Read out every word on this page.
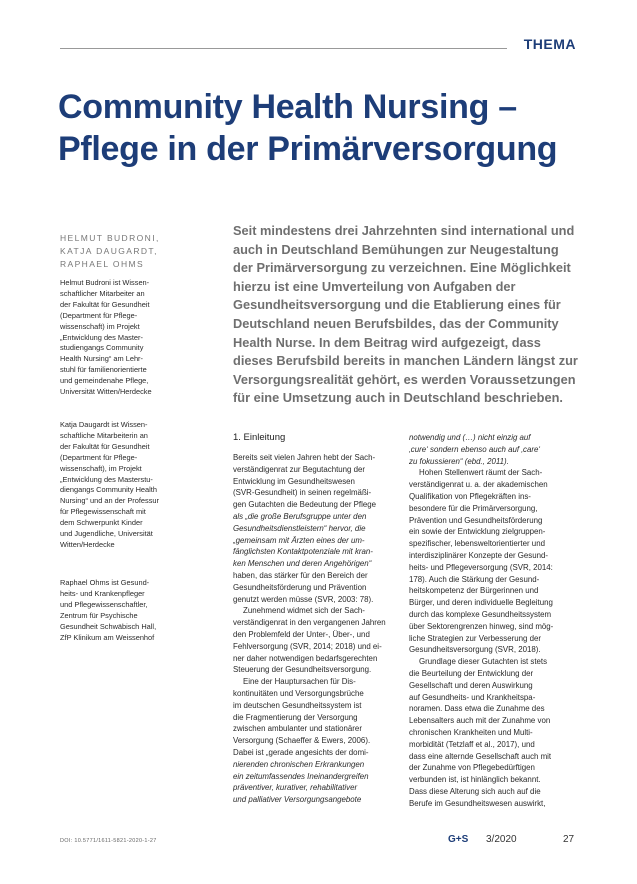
THEMA
Community Health Nursing –
Pflege in der Primärversorgung
HELMUT BUDRONI,
KATJA DAUGARDT,
RAPHAEL OHMS
Helmut Budroni ist Wissen-
schaftlicher Mitarbeiter an
der Fakultät für Gesundheit
(Department für Pflege-
wissenschaft) im Projekt
„Entwicklung des Master-
studiengangs Community
Health Nursing“ am Lehr-
stuhl für familienorientierte
und gemeindenahe Pflege,
Universität Witten/Herdecke
Katja Daugardt ist Wissen-
schaftliche Mitarbeiterin an
der Fakultät für Gesundheit
(Department für Pflege-
wissenschaft), im Projekt
„Entwicklung des Masterstu-
diengangs Community Health
Nursing“ und an der Professur
für Pflegewissenschaft mit
dem Schwerpunkt Kinder
und Jugendliche, Universität
Witten/Herdecke
Raphael Ohms ist Gesund-
heits- und Krankenpfleger
und Pflegewissenschaftler,
Zentrum für Psychische
Gesundheit Schwäbisch Hall,
ZfP Klinikum am Weissenhof
Seit mindestens drei Jahrzehnten sind international und
auch in Deutschland Bemühungen zur Neugestaltung
der Primärversorgung zu verzeichnen. Eine Möglichkeit
hierzu ist eine Umverteilung von Aufgaben der
Gesundheitsversorgung und die Etablierung eines für
Deutschland neuen Berufsbildes, das der Community
Health Nurse. In dem Beitrag wird aufgezeigt, dass
dieses Berufsbild bereits in manchen Ländern längst zur
Versorgungsrealität gehört, es werden Voraussetzungen
für eine Umsetzung auch in Deutschland beschrieben.
1. Einleitung
Bereits seit vielen Jahren hebt der Sach-
verständigenrat zur Begutachtung der
Entwicklung im Gesundheitswesen
(SVR-Gesundheit) in seinen regelmäßi-
gen Gutachten die Bedeutung der Pflege
als „die große Berufsgruppe unter den
Gesundheitsdienstleistern“ hervor, die
„gemeinsam mit Ärzten eines der um-
fänglichsten Kontaktpotenziale mit kran-
ken Menschen und deren Angehörigen“
haben, das stärker für den Bereich der
Gesundheitsförderung und Prävention
genutzt werden müsse (SVR, 2003: 78).
Zunehmend widmet sich der Sach-
verständigenrat in den vergangenen Jahren
den Problemfeld der Unter-, Über-, und
Fehlversorgung (SVR, 2014; 2018) und ei-
ner daher notwendigen bedarfsgerechten
Steuerung der Gesundheitsversorgung.
Eine der Hauptursachen für Dis-
kontinuitäten und Versorgungsbrüche
im deutschen Gesundheitssystem ist
die Fragmentierung der Versorgung
zwischen ambulanter und stationärer
Versorgung (Schaeffer & Ewers, 2006).
Dabei ist „gerade angesichts der domi-
nierenden chronischen Erkrankungen
ein zeitumfassendes Ineinandergreifen
präventiver, kurativer, rehabilitativer
und palliativer Versorgungsangebote
notwendig und (…) nicht einzig auf
‚cure‘ sondern ebenso auch auf ‚care‘
zu fokussieren“ (ebd., 2011).
Hohen Stellenwert räumt der Sach-
verständigenrat u. a. der akademischen
Qualifikation von Pflegekräften ins-
besondere für die Primärversorgung,
Prävention und Gesundheitsförderung
ein sowie der Entwicklung zielgruppen-
spezifischer, lebensweltorientierter und
interdisziplinärer Konzepte der Gesund-
heits- und Pflegeversorgung (SVR, 2014:
178). Auch die Stärkung der Gesund-
heitskompetenz der Bürgerinnen und
Bürger, und deren individuelle Begleitung
durch das komplexe Gesundheitssystem
über Sektorengrenzen hinweg, sind mög-
liche Strategien zur Verbesserung der
Gesundheitsversorgung (SVR, 2018).
Grundlage dieser Gutachten ist stets
die Beurteilung der Entwicklung der
Gesellschaft und deren Auswirkung
auf Gesundheits- und Krankheitspa-
noramen. Dass etwa die Zunahme des
Lebensalters auch mit der Zunahme von
chronischen Krankheiten und Multi-
morbidität (Tetzlaff et al., 2017), und
dass eine alternde Gesellschaft auch mit
der Zunahme von Pflegebedürftigen
verbunden ist, ist hinlänglich bekannt.
Dass diese Alterung sich auch auf die
Berufe im Gesundheitswesen auswirkt,
DOI: 10.5771/1611-5821-2020-1-27	G+S 3/2020	27
